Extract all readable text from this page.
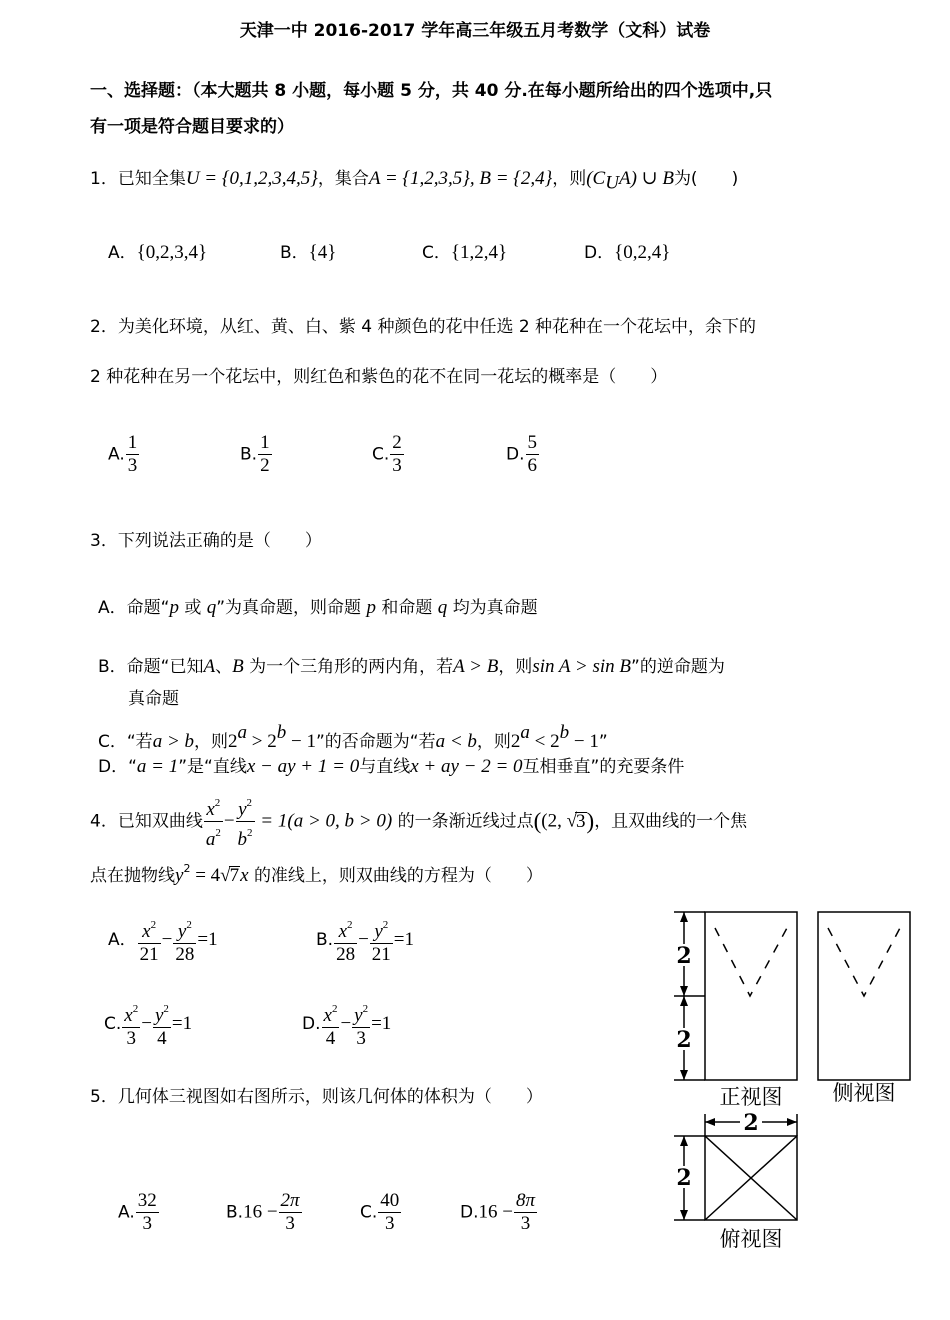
天津一中 2016-2017 学年高三年级五月考数学（文科）试卷
一、选择题：（本大题共 8 小题，每小题 5 分，共 40 分.在每小题所给出的四个选项中,只
有一项是符合题目要求的）
1．已知全集U = {0,1,2,3,4,5}，集合A = {1,2,3,5}, B = {2,4}，则$(C_UA)$ ∪ B为(　　)
A．{0,2,3,4}	B．{4}	C．{1,2,4}	D．{0,2,4}
2．为美化环境，从红、黄、白、紫 4 种颜色的花中任选 2 种花种在一个花坛中，余下的
2 种花种在另一个花坛中，则红色和紫色的花不在同一花坛的概率是（　　）
A. $\frac{1}{3}$	B. $\frac{1}{2}$	C. $\frac{2}{3}$	D. $\frac{5}{6}$
3．下列说法正确的是（　　）
A．命题“p 或 q”为真命题，则命题 p 和命题 q 均为真命题
B．命题“已知A、B 为一个三角形的两内角，若A > B，则sin A > sin B”的逆命题为
真命题
C．“若a > b，则$2^a > 2^b - 1$”的否命题为“若a < b，则$2^a < 2^b - 1$”
D．“a = 1”是“直线x − ay + 1 = 0与直线x + ay − 2 = 0互相垂直”的充要条件
4．已知双曲线 $\frac{x^2}{a^2} - \frac{y^2}{b^2} = 1(a > 0$, b > 0) 的一条渐近线过点((2, √3)，且双曲线的一个焦
点在抛物线$y^2 = 4√7x$ 的准线上，则双曲线的方程为（　　）
A． $\frac{x^2}{21} - \frac{y^2}{28} =1$	B. $\frac{x^2}{28} - \frac{y^2}{21} =1$
C. $\frac{x^2}{3} - \frac{y^2}{4} =1$	D. $\frac{x^2}{4} - \frac{y^2}{3} =1$
5．几何体三视图如右图所示，则该几何体的体积为（　　）
A. $\frac{32}{3}$	$B.16 - \frac{2\pi}{3}$	C. $\frac{40}{3}$	$D.16 - \frac{8\pi}{3}$
2
2
2
2
正视图 侧视图
俯视图
